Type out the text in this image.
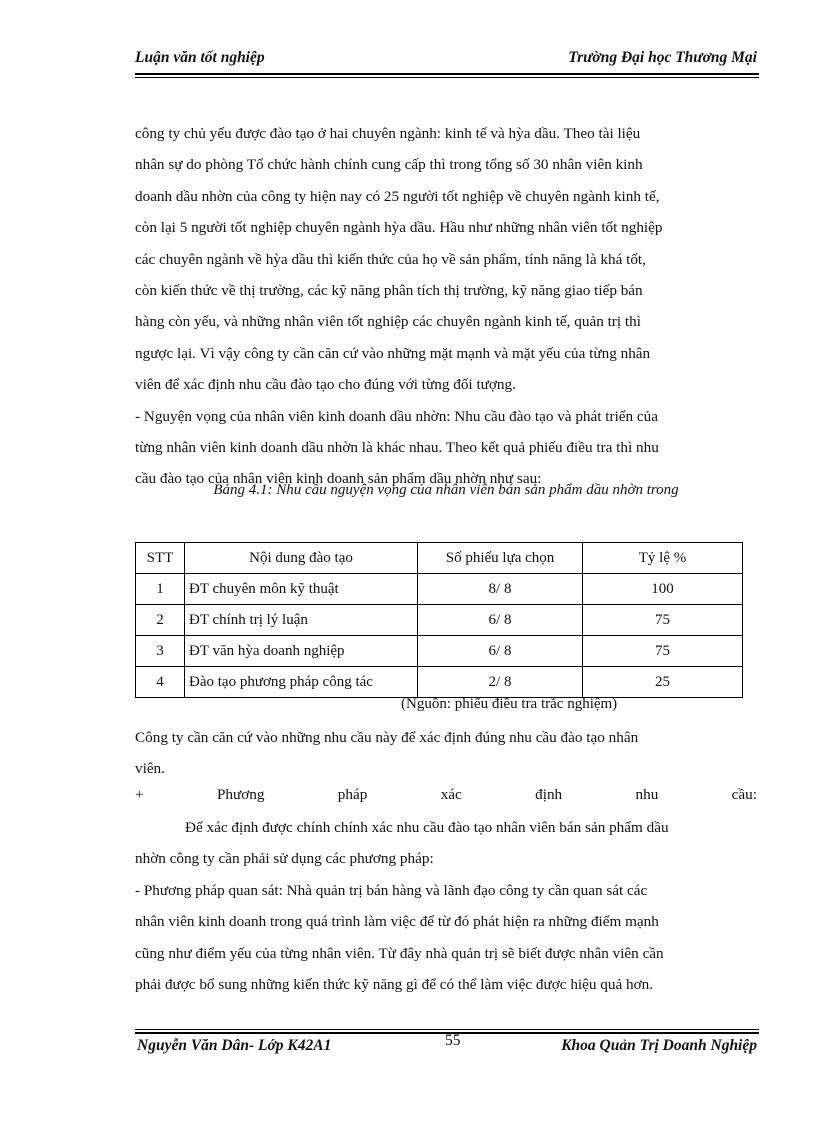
Luận văn tốt nghiệp	Trường Đại học Thương Mại
công ty chủ yếu được đào tạo ở hai chuyên ngành: kinh tế và hỳa dầu. Theo tài liệu
nhân sự do phòng Tổ chức hành chính cung cấp thì trong tổng số 30 nhân viên kinh
doanh dầu nhờn của công ty hiện nay có 25 người tốt nghiệp về chuyên ngành kinh tế,
còn lại 5 người tốt nghiệp chuyên ngành hỳa dầu. Hầu như những nhân viên tốt nghiệp
các chuyên ngành về hỳa dầu thì kiến thức của họ về sản phẩm, tính năng là khá tốt,
còn kiến thức về thị trường, các kỹ năng phân tích thị trường, kỹ năng giao tiếp bán
hàng còn yếu, và những nhân viên tốt nghiệp các chuyên ngành kinh tế, quản trị thì
ngược lại. Vì vậy công ty cần căn cứ vào những mặt mạnh và mặt yếu của từng nhân
viên để xác định nhu cầu đào tạo cho đúng với từng đối tượng.
- Nguyện vọng của nhân viên kinh doanh dầu nhờn: Nhu cầu đào tạo và phát triển của
từng nhân viên kinh doanh dầu nhờn là khác nhau. Theo kết quả phiếu điều tra thì nhu
cầu đào tạo của nhân viên kinh doanh sản phẩm dầu nhờn như sau:
Bảng 4.1: Nhu cầu nguyện vọng của nhân viên bán sản phẩm dầu nhờn trong
STT	Nội dung đào tạo	Số phiếu lựa chọn	Tỷ lệ %
1	ĐT chuyên môn kỹ thuật	8/ 8	100
2	ĐT chính trị lý luận	6/ 8	75
3	ĐT văn hỳa doanh nghiệp	6/ 8	75
4	Đào tạo phương pháp công tác	2/ 8	25
(Nguồn: phiếu điều tra trắc nghiệm)
Công ty cần căn cứ vào những nhu cầu này để xác định đúng nhu cầu đào tạo nhân
viên.
+	Phương	pháp	xác	định	nhu	cầu:
Để xác định được chính chính xác nhu cầu đào tạo nhân viên bán sản phẩm dầu
nhờn công ty cần phải sử dụng các phương pháp:
- Phương pháp quan sát: Nhà quản trị bán hàng và lãnh đạo công ty cần quan sát các
nhân viên kinh doanh trong quá trình làm việc để từ đó phát hiện ra những điểm mạnh
cũng như điểm yếu của từng nhân viên. Từ đây nhà quản trị sẽ biết được nhân viên cần
phải được bổ sung những kiến thức kỹ năng gì để có thể làm việc được hiệu quả hơn.
Nguyễn Văn Dân- Lớp K42A1	55	Khoa Quản Trị Doanh Nghiệp
